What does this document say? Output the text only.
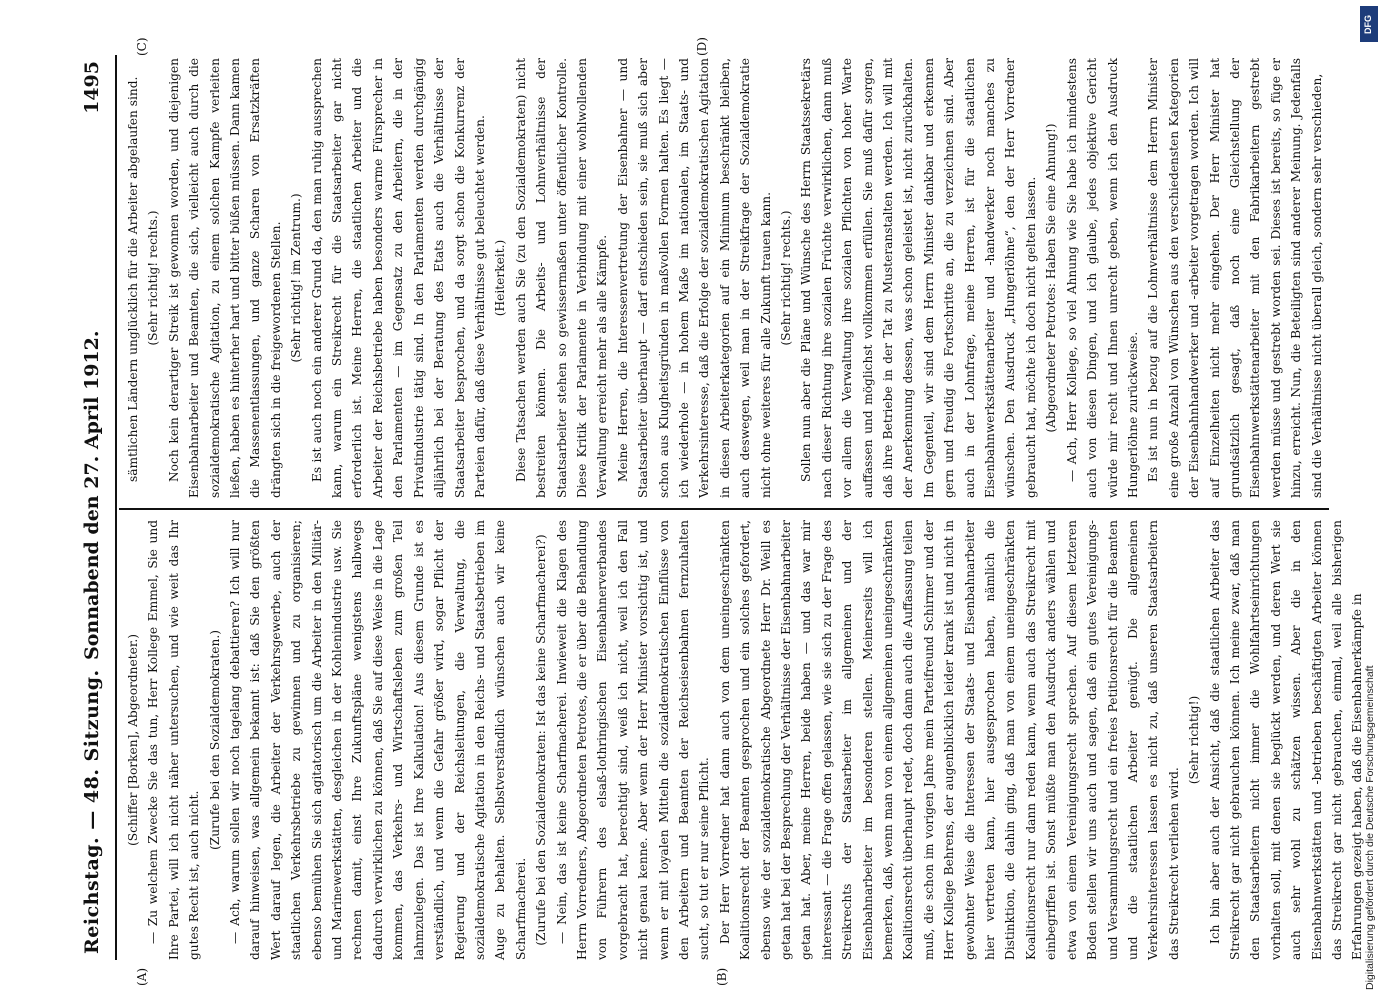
Reichstag. — 48. Sitzung.
Sonnabend den 27. April 1912.
1495
(A)	(B)
(C)	(D)

(Schiffer [Borken], Abgeordneter.) — Zu welchem Zwecke Sie das tun, Herr Kollege Emmel, Sie und Ihre Partei, will ich nicht näher untersuchen, und wie weit das Ihr gutes Recht ist, auch nicht.

(Zurufe bei den Sozialdemokraten.) — Ach, warum sollen wir noch tagelang debattieren? Ich will nur darauf hinweisen, was allgemein bekannt ist: daß Sie den größten Wert darauf legen, die Arbeiter der Verkehrsgewerbe, auch der staatlichen Verkehrsbetriebe zu gewinnen und zu organisieren; ebenso bemühen Sie sich agitatorisch um die Arbeiter in den Militär- und Marinewerkstätten, desgleichen in der Kohlenindustrie usw. Sie rechnen damit, einst Ihre Zukunftspläne wenigstens halbwegs dadurch verwirklichen zu können, daß Sie auf diese Weise in die Lage kommen, das Verkehrs- und Wirtschaftsleben zum großen Teil lahmzulegen. Das ist Ihre Kalkulation! Aus diesem Grunde ist es verständlich, und wenn die Gefahr größer wird, sogar Pflicht der Regierung und der Reichsleitungen, die Verwaltung, die sozialdemokratische Agitation in den Reichs- und Staatsbetrieben im Auge zu behalten. Selbstverständlich wünschen auch wir keine Scharfmacherei. (Zurufe bei den Sozialdemokraten: Ist das keine Scharfmacherei?) — Nein, das ist keine Scharfmacherei. Inwieweit die Klagen des Herrn Vorredners, Abgeordneten Petrotes, die er über die Behandlung von Führern des elsaß-lothringischen Eisenbahnerverbandes vorgebracht hat, berechtigt sind, weiß ich nicht, weil ich den Fall nicht genau kenne. Aber wenn der Herr Minister vorsichtig ist, und wenn er mit loyalen Mitteln die sozialdemokratischen Einflüsse von den Arbeitern und Beamten der Reichseisenbahnen fernzuhalten sucht, so tut er nur seine Pflicht. Der Herr Vorredner hat dann auch von dem uneingeschränkten Koalitionsrecht der Beamten gesprochen und ein solches gefordert, ebenso wie der sozialdemokratische Abgeordnete Herr Dr. Weill es getan hat bei der Besprechung der Verhältnisse der Eisenbahnarbeiter getan hat. Aber, meine Herren, beide haben — und das war mir interessant — die Frage offen gelassen, wie sie sich zu der Frage des Streikrechts der Staatsarbeiter im allgemeinen und der Eisenbahnarbeiter im besonderen stellen. Meinerseits will ich bemerken, daß, wenn man von einem allgemeinen uneingeschränkten Koalitionsrecht überhaupt redet, doch dann auch die Auffassung teilen muß, die schon im vorigen Jahre mein Parteifreund Schirmer und der Herr Kollege Behrens, der augenblicklich leider krank ist und nicht in gewohnter Weise die Interessen der Staats- und Eisenbahnarbeiter hier vertreten kann, hier ausgesprochen haben, nämlich die Distinktion, die dahin ging, daß man von einem uneingeschränkten Koalitionsrecht nur dann reden kann, wenn auch das Streikrecht mit einbegriffen ist. Sonst müßte man den Ausdruck anders wählen und etwa von einem Vereinigungsrecht sprechen. Auf diesem letzteren Boden stellen wir uns auch und sagen, daß ein gutes Vereinigungs- und Versammlungsrecht und ein freies Petitionsrecht für die Beamten und die staatlichen Arbeiter genügt. Die allgemeinen Verkehrsinteressen lassen es nicht zu, daß unseren Staatsarbeitern das Streikrecht verliehen wird.

(Sehr richtig!) Ich bin aber auch der Ansicht, daß die staatlichen Arbeiter das Streikrecht gar nicht gebrauchen können. Ich meine zwar, daß man den Staatsarbeitern nicht immer die Wohlfahrtseinrichtungen vorhalten soll, mit denen sie beglückt werden, und deren Wert sie auch sehr wohl zu schätzen wissen. Aber die in den Eisenbahnwerkstätten und -betrieben beschäftigten Arbeiter können das Streikrecht gar nicht gebrauchen, einmal, weil alle bisherigen Erfahrungen gezeigt haben, daß die Eisenbahnerkämpfe in

sämtlichen Ländern unglücklich für die Arbeiter abgelaufen sind. (Sehr richtig! rechts.) Noch kein derartiger Streik ist gewonnen worden, und diejenigen Eisenbahnarbeiter und Beamten, die sich, vielleicht auch durch die sozialdemokratische Agitation, zu einem solchen Kampfe verleiten ließen, haben es hinterher hart und bitter büßen müssen. Dann kamen die Massenentlassungen, und ganze Scharen von Ersatzkräften drängten sich in die freigewordenen Stellen. (Sehr richtig! im Zentrum.) Es ist auch noch ein anderer Grund da, den man ruhig aussprechen kann, warum ein Streikrecht für die Staatsarbeiter gar nicht erforderlich ist. Meine Herren, die staatlichen Arbeiter und die Arbeiter der Reichsbetriebe haben besonders warme Fürsprecher in den Parlamenten — im Gegensatz zu den Arbeitern, die in der Privatindustrie tätig sind. In den Parlamenten werden durchgängig alljährlich bei der Beratung des Etats auch die Verhältnisse der Staatsarbeiter besprochen, und da sorgt schon die Konkurrenz der Parteien dafür, daß diese Verhältnisse gut beleuchtet werden. (Heiterkeit.) Diese Tatsachen werden auch Sie (zu den Sozialdemokraten) nicht bestreiten können. Die Arbeits- und Lohnverhältnisse der Staatsarbeiter stehen so gewissermaßen unter öffentlicher Kontrolle. Diese Kritik der Parlamente in Verbindung mit einer wohlwollenden Verwaltung erreicht mehr als alle Kämpfe. Meine Herren, die Interessenvertretung der Eisenbahner — und Staatsarbeiter überhaupt — darf entschieden sein, sie muß sich aber schon aus Klugheitsgründen in maßvollen Formen halten. Es liegt — ich wiederhole — in hohem Maße im nationalen, im Staats- und Verkehrsinteresse, daß die Erfolge der sozialdemokratischen Agitation in diesen Arbeiterkategorien auf ein Minimum beschränkt bleiben, auch deswegen, weil man in der Streikfrage der Sozialdemokratie nicht ohne weiteres für alle Zukunft trauen kann. (Sehr richtig! rechts.) Sollen nun aber die Pläne und Wünsche des Herrn Staatssekretärs nach dieser Richtung ihre sozialen Früchte verwirklichen, dann muß vor allem die Verwaltung ihre sozialen Pflichten von hoher Warte auffassen und möglichst vollkommen erfüllen. Sie muß dafür sorgen, daß ihre Betriebe in der Tat zu Musteranstalten werden. Ich will mit der Anerkennung dessen, was schon geleistet ist, nicht zurückhalten. Im Gegenteil, wir sind dem Herrn Minister dankbar und erkennen gern und freudig die Fortschritte an, die zu verzeichnen sind. Aber auch in der Lohnfrage, meine Herren, ist für die staatlichen Eisenbahnwerkstättenarbeiter und -handwerker noch manches zu wünschen. Den Ausdruck „Hungerlöhne“, den der Herr Vorredner gebraucht hat, möchte ich doch nicht gelten lassen. (Abgeordneter Petrotes: Haben Sie eine Ahnung!) — Ach, Herr Kollege, so viel Ahnung wie Sie habe ich mindestens auch von diesen Dingen, und ich glaube, jedes objektive Gericht würde mir recht und Ihnen unrecht geben, wenn ich den Ausdruck Hungerlöhne zurückweise. Es ist nun in bezug auf die Lohnverhältnisse dem Herrn Minister eine große Anzahl von Wünschen aus den verschiedensten Kategorien der Eisenbahnhandwerker und -arbeiter vorgetragen worden. Ich will auf Einzelheiten nicht mehr eingehen. Der Herr Minister hat grundsätzlich gesagt, daß noch eine Gleichstellung der Eisenbahnwerkstättenarbeiter mit den Fabrikarbeitern gestrebt werden müsse und gestrebt worden sei. Dieses ist bereits, so füge er hinzu, erreicht. Nun, die Beteiligten sind anderer Meinung. Jedenfalls sind die Verhältnisse nicht überall gleich, sondern sehr verschieden,

Digitalisierung gefördert durch die Deutsche Forschungsgemeinschaft
DFG
